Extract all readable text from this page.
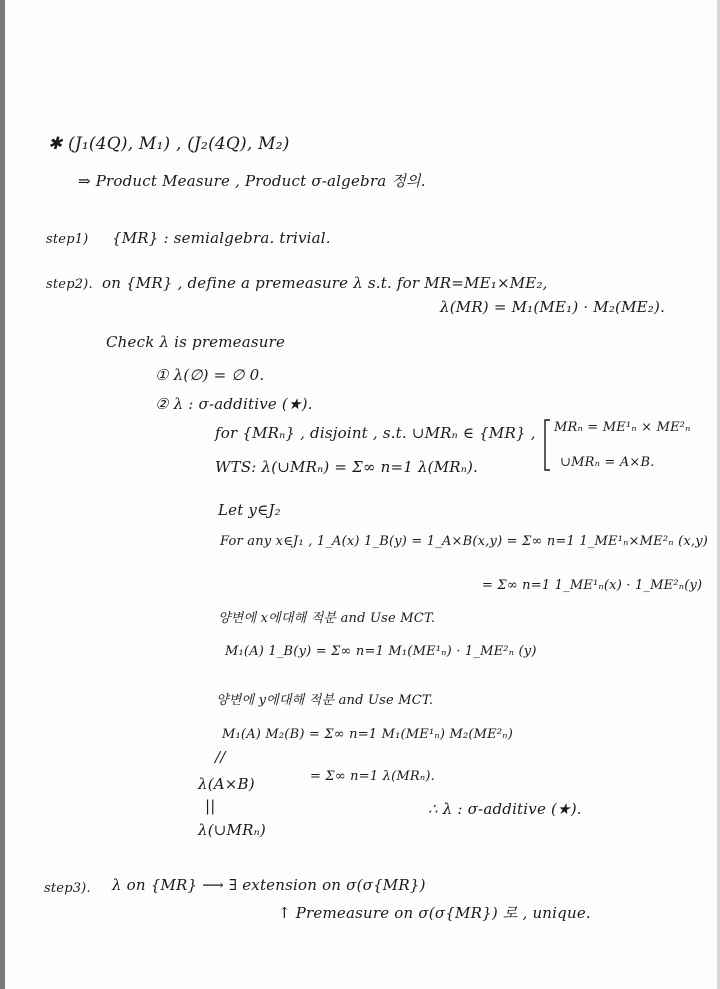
✱ (J₁(4Q), M₁) , (J₂(4Q), M₂)
⇒ Product Measure , Product σ-algebra 정의.
step1) {MR} : semialgebra. trivial.
step2). on {MR} , define a premeasure λ s.t. for MR=ME₁×ME₂,
λ(MR) = M₁(ME₁) · M₂(ME₂).
Check λ is premeasure
① λ(∅) = ∅ 0.
② λ : σ-additive (★).
for {MRₙ} , disjoint , s.t. ∪MRₙ ∈ {MR} , MRₙ = ME¹ₙ × ME²ₙ
WTS: λ(∪MRₙ) = Σ∞ n=1 λ(MRₙ).	∪MRₙ = A×B.
Let y∈J₂
For any x∈J₁ , 1_A(x) 1_B(y) = 1_A×B(x,y) = Σ∞ n=1 1_ME¹ₙ×ME²ₙ (x,y)
= Σ∞ n=1 1_ME¹ₙ(x) · 1_ME²ₙ(y)
양변에 x에대해 적분 and Use MCT.
M₁(A) 1_B(y) = Σ∞ n=1 M₁(ME¹ₙ) · 1_ME²ₙ (y)
양변에 y에대해 적분 and Use MCT.
M₁(A) M₂(B) = Σ∞ n=1 M₁(ME¹ₙ) M₂(ME²ₙ)
//
λ(A×B)	= Σ∞ n=1 λ(MRₙ).
||	∴ λ : σ-additive (★).
λ(∪MRₙ)
step3). λ on {MR} ⟶ ∃ extension on σ(σ{MR})
↑ Premeasure on σ(σ{MR}) 로 , unique.
